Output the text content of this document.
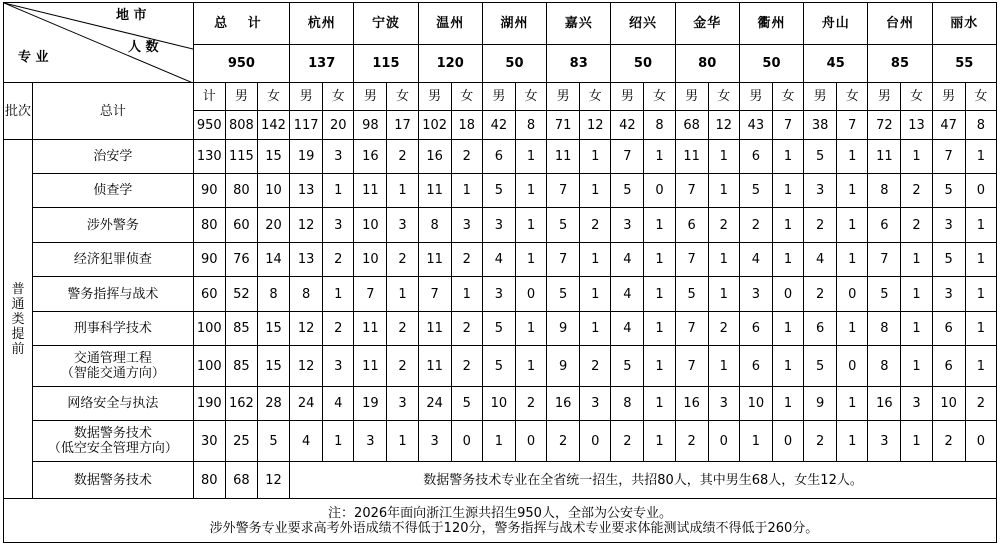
地 市
人 数
专 业		总 计			杭州		宁波		温州		湖州		嘉兴		绍兴		金华		衢州		舟山		台州		丽水	
		950			137		115		120		50		83		50		80		50		45		85		55	
批次	总计	计	男	女	男	女	男	女	男	女	男	女	男	女	男	女	男	女	男	女	男	女	男	女	男	女
		950	808	142	117	20	98	17	102	18	42	8	71	12	42	8	68	12	43	7	38	7	72	13	47	8
普通类提前	治安学	130	115	15	19	3	16	2	16	2	6	1	11	1	7	1	11	1	6	1	5	1	11	1	7	1
	侦查学	90	80	10	13	1	11	1	11	1	5	1	7	1	5	0	7	1	5	1	3	1	8	2	5	0
	涉外警务	80	60	20	12	3	10	3	8	3	3	1	5	2	3	1	6	2	2	1	2	1	6	2	3	1
	经济犯罪侦查	90	76	14	13	2	10	2	11	2	4	1	7	1	4	1	7	1	4	1	4	1	7	1	5	1
	警务指挥与战术	60	52	8	8	1	7	1	7	1	3	0	5	1	4	1	5	1	3	0	2	0	5	1	3	1
	刑事科学技术	100	85	15	12	2	11	2	11	2	5	1	9	1	4	1	7	2	6	1	6	1	8	1	6	1
	交通管理工程
（智能交通方向）	100	85	15	12	3	11	2	11	2	5	1	9	2	5	1	7	1	6	1	5	0	8	1	6	1
	网络安全与执法	190	162	28	24	4	19	3	24	5	10	2	16	3	8	1	16	3	10	1	9	1	16	3	10	2
	数据警务技术
（低空安全管理方向）	30	25	5	4	1	3	1	3	0	1	0	2	0	2	1	2	0	1	0	2	1	3	1	2	0
	数据警务技术	80	68	12	数据警务技术专业在全省统一招生，共招80人，其中男生68人，女生12人。																					

注：2026年面向浙江生源共招生950人，全部为公安专业。
涉外警务专业要求高考外语成绩不得低于120分，警务指挥与战术专业要求体能测试成绩不得低于260分。																										
